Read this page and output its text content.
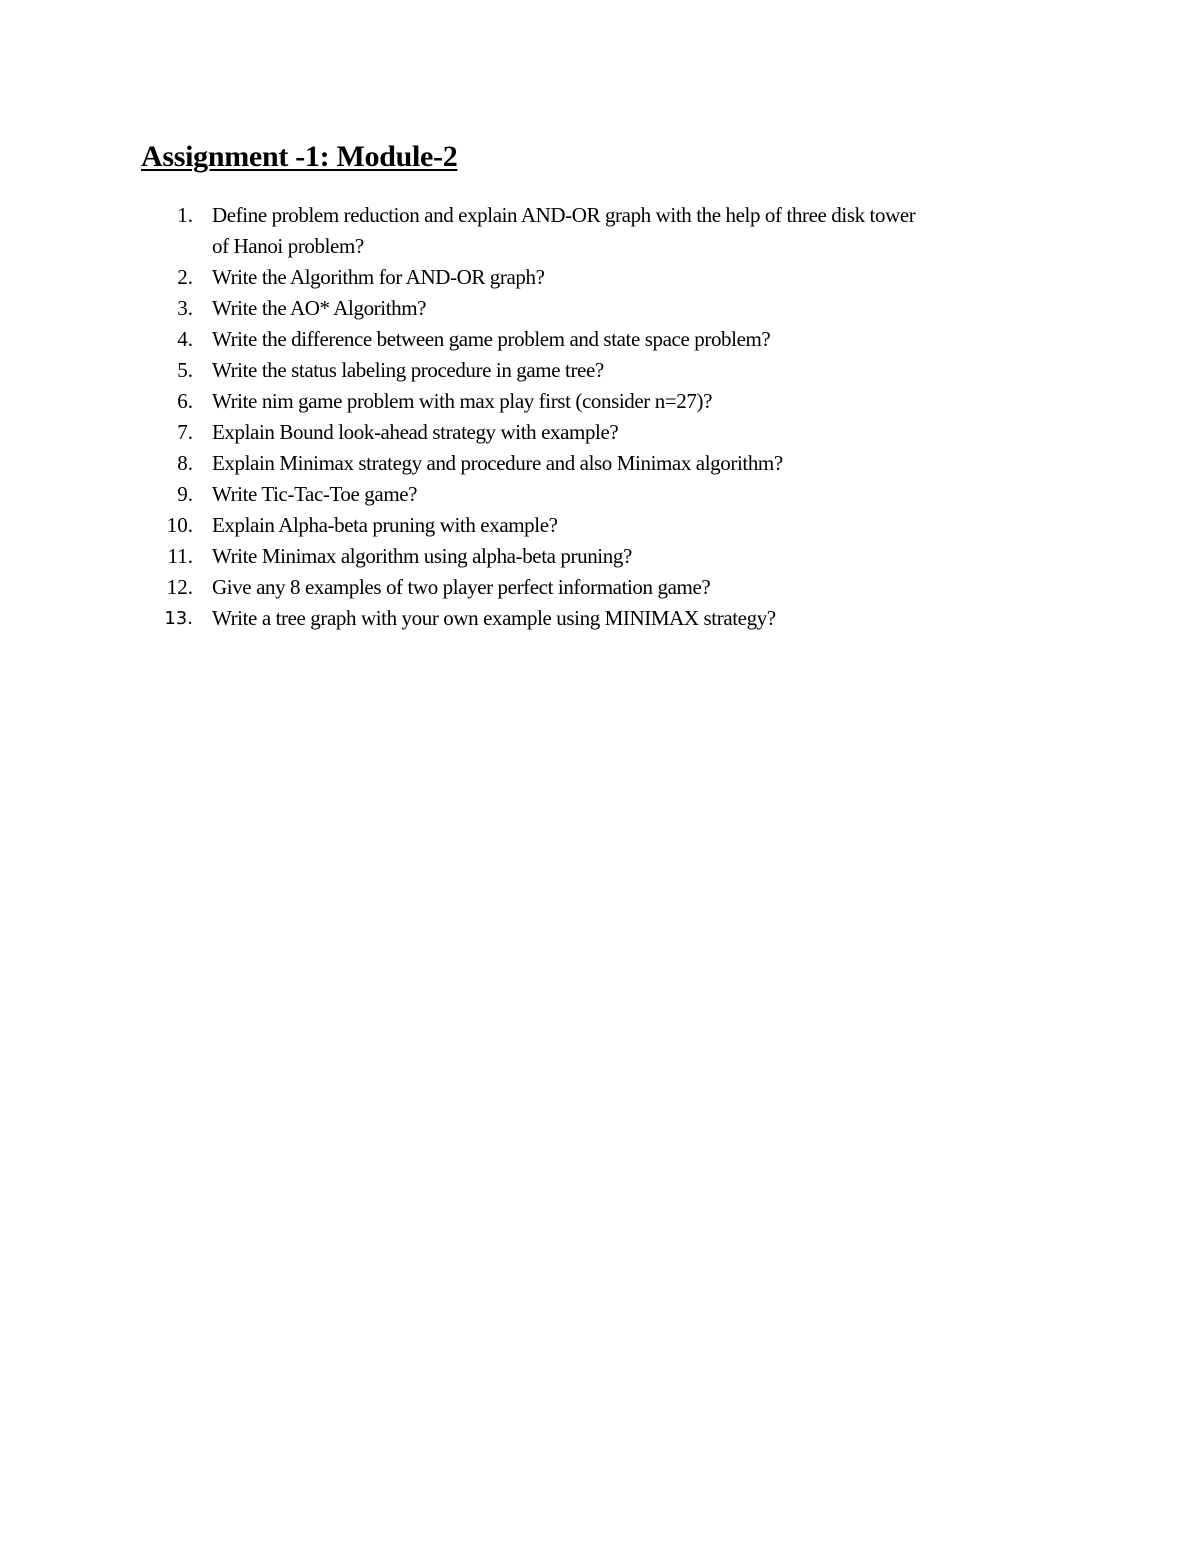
Assignment -1: Module-2
1. Define problem reduction and explain AND-OR graph with the help of three disk tower
of Hanoi problem?
2. Write the Algorithm for AND-OR graph?
3. Write the AO* Algorithm?
4. Write the difference between game problem and state space problem?
5. Write the status labeling procedure in game tree?
6. Write nim game problem with max play first (consider n=27)?
7. Explain Bound look-ahead strategy with example?
8. Explain Minimax strategy and procedure and also Minimax algorithm?
9. Write Tic-Tac-Toe game?
10. Explain Alpha-beta pruning with example?
11. Write Minimax algorithm using alpha-beta pruning?
12. Give any 8 examples of two player perfect information game?
13. Write a tree graph with your own example using MINIMAX strategy?
